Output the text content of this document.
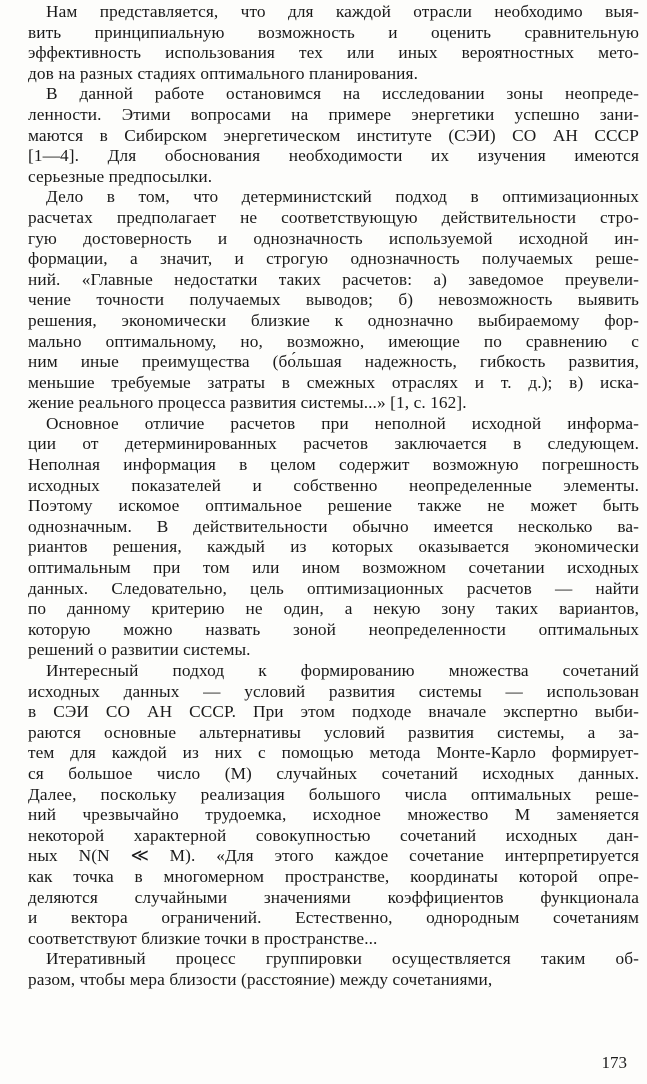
Нам представляется, что для каждой отрасли необходимо выя-
вить принципиальную возможность и оценить сравнительную
эффективность использования тех или иных вероятностных мето-
дов на разных стадиях оптимального планирования.
В данной работе остановимся на исследовании зоны неопреде-
ленности. Этими вопросами на примере энергетики успешно зани-
маются в Сибирском энергетическом институте (СЭИ) СО АН СССР
[1—4]. Для обоснования необходимости их изучения имеются
серьезные предпосылки.
Дело в том, что детерминистский подход в оптимизационных
расчетах предполагает не соответствующую действительности стро-
гую достоверность и однозначность используемой исходной ин-
формации, а значит, и строгую однозначность получаемых реше-
ний. «Главные недостатки таких расчетов: а) заведомое преувели-
чение точности получаемых выводов; б) невозможность выявить
решения, экономически близкие к однозначно выбираемому фор-
мально оптимальному, но, возможно, имеющие по сравнению с
ним иные преимущества (бо́льшая надежность, гибкость развития,
меньшие требуемые затраты в смежных отраслях и т. д.); в) иска-
жение реального процесса развития системы...» [1, с. 162].
Основное отличие расчетов при неполной исходной информа-
ции от детерминированных расчетов заключается в следующем.
Неполная информация в целом содержит возможную погрешность
исходных показателей и собственно неопределенные элементы.
Поэтому искомое оптимальное решение также не может быть
однозначным. В действительности обычно имеется несколько ва-
риантов решения, каждый из которых оказывается экономически
оптимальным при том или ином возможном сочетании исходных
данных. Следовательно, цель оптимизационных расчетов — найти
по данному критерию не один, а некую зону таких вариантов,
которую можно назвать зоной неопределенности оптимальных
решений о развитии системы.
Интересный подход к формированию множества сочетаний
исходных данных — условий развития системы — использован
в СЭИ СО АН СССР. При этом подходе вначале экспертно выби-
раются основные альтернативы условий развития системы, а за-
тем для каждой из них с помощью метода Монте-Карло формирует-
ся большое число (M) случайных сочетаний исходных данных.
Далее, поскольку реализация большого числа оптимальных реше-
ний чрезвычайно трудоемка, исходное множество M заменяется
некоторой характерной совокупностью сочетаний исходных дан-
ных N(N ≪ M). «Для этого каждое сочетание интерпретируется
как точка в многомерном пространстве, координаты которой опре-
деляются случайными значениями коэффициентов функционала
и вектора ограничений. Естественно, однородным сочетаниям
соответствуют близкие точки в пространстве...
Итеративный процесс группировки осуществляется таким об-
разом, чтобы мера близости (расстояние) между сочетаниями,
173
